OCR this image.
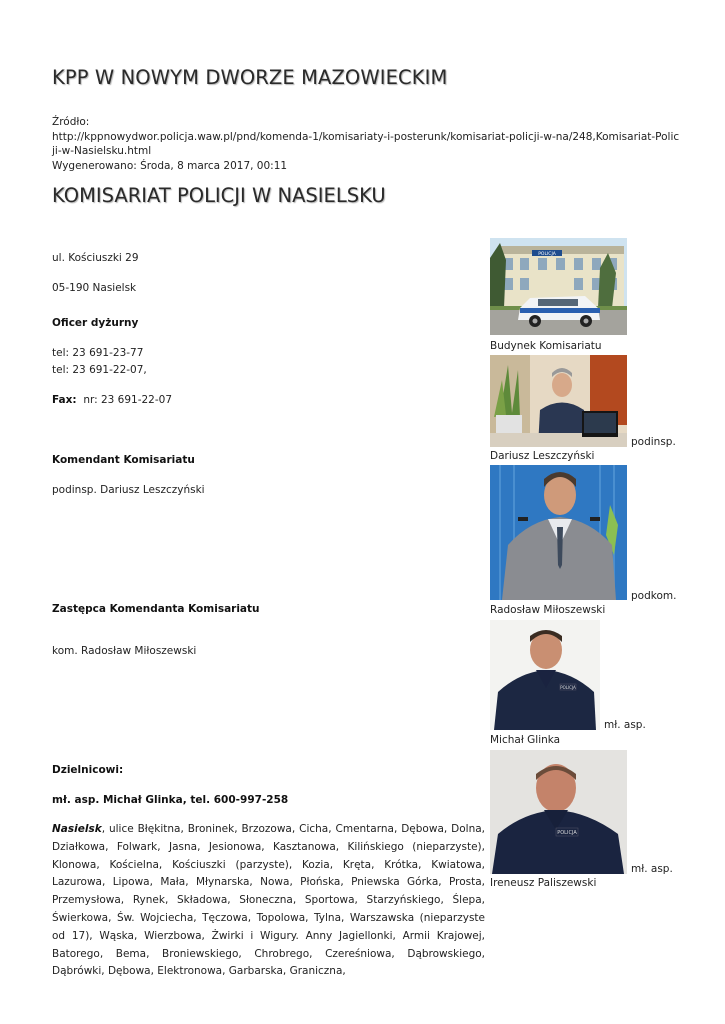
KPP W NOWYM DWORZE MAZOWIECKIM
Źródło:
http://kppnowydwor.policja.waw.pl/pnd/komenda-1/komisariaty-i-posterunk/komisariat-policji-w-na/248,Komisariat-Policji-w-Nasielsku.html
Wygenerowano: Środa, 8 marca 2017, 00:11
KOMISARIAT POLICJI W NASIELSKU
ul. Kościuszki 29
05-190 Nasielsk
Oficer dyżurny
tel: 23 691-23-77
tel: 23 691-22-07,
Fax: nr: 23 691-22-07
Komendant Komisariatu
podinsp. Dariusz Leszczyński
Zastępca Komendanta Komisariatu
kom. Radosław Miłoszewski
Dzielnicowi:
mł. asp. Michał Glinka, tel. 600-997-258
Nasielsk, ulice Błękitna, Broninek, Brzozowa, Cicha, Cmentarna, Dębowa, Dolna, Działkowa, Folwark, Jasna, Jesionowa, Kasztanowa, Kilińskiego (nieparzyste), Klonowa, Kościelna, Kościuszki (parzyste), Kozia, Kręta, Krótka, Kwiatowa, Lazurowa, Lipowa, Mała, Młynarska, Nowa, Płońska, Pniewska Górka, Prosta, Przemysłowa, Rynek, Składowa, Słoneczna, Sportowa, Starzyńskiego, Ślepa, Świerkowa, Św. Wojciecha, Tęczowa, Topolowa, Tylna, Warszawska (nieparzyste od 17), Wąska, Wierzbowa, Żwirki i Wigury. Anny Jagiellonki, Armii Krajowej, Batorego, Bema, Broniewskiego, Chrobrego, Czereśniowa, Dąbrowskiego, Dąbrówki, Dębowa, Elektronowa, Garbarska, Graniczna,
POLICJA
Budynek Komisariatu
podinsp.
Dariusz Leszczyński
podkom.
Radosław Miłoszewski
POLICJA
mł. asp.
Michał Glinka
POLICJA
mł. asp.
Ireneusz Paliszewski
